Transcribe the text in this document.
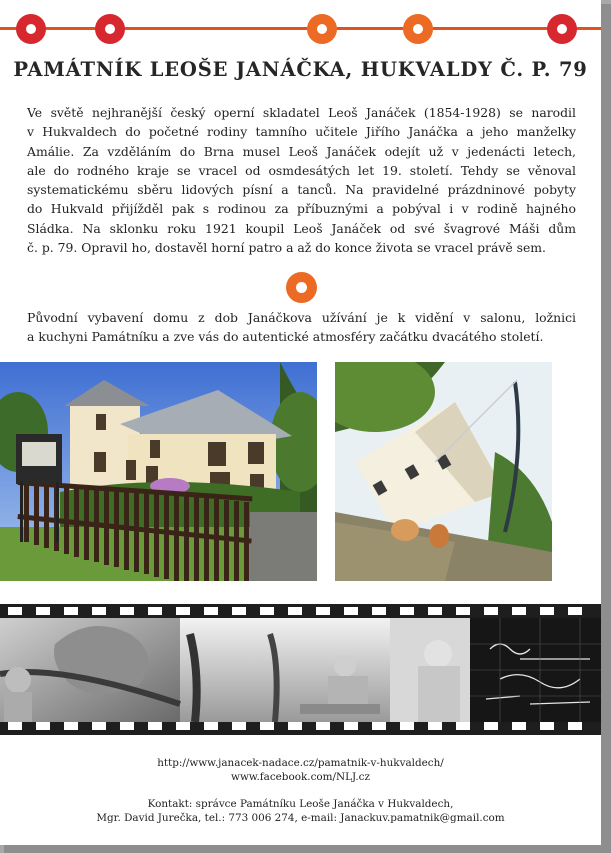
PAMÁTNÍK LEOŠE JANÁČKA, HUKVALDY Č. P. 79
Ve světě nejhranější český operní skladatel Leoš Janáček (1854-1928) se narodil
v Hukvaldech do početné rodiny tamního učitele Jiřího Janáčka a jeho manželky
Amálie. Za vzděláním do Brna musel Leoš Janáček odejít už v jedenácti letech,
ale do rodného kraje se vracel od osmdesátých let 19. století. Tehdy se věnoval
systematickému sběru lidových písní a tanců. Na pravidelné prázdninové pobyty
do Hukvald přijížděl pak s rodinou za příbuznými a pobýval i v rodině hajného
Sládka. Na sklonku roku 1921 koupil Leoš Janáček od své švagrové Máši dům
č. p. 79. Opravil ho, dostavěl horní patro a až do konce života se vracel právě sem.
Původní vybavení domu z dob Janáčkova užívání je k vidění v salonu, ložnici
a kuchyni Památníku a zve vás do autentické atmosféry začátku dvacátého století.
http://www.janacek-nadace.cz/pamatnik-v-hukvaldech/
www.facebook.com/NLJ.cz
Kontakt: správce Památníku Leoše Janáčka v Hukvaldech,
Mgr. David Jurečka, tel.: 773 006 274, e-mail: Janackuv.pamatnik@gmail.com
